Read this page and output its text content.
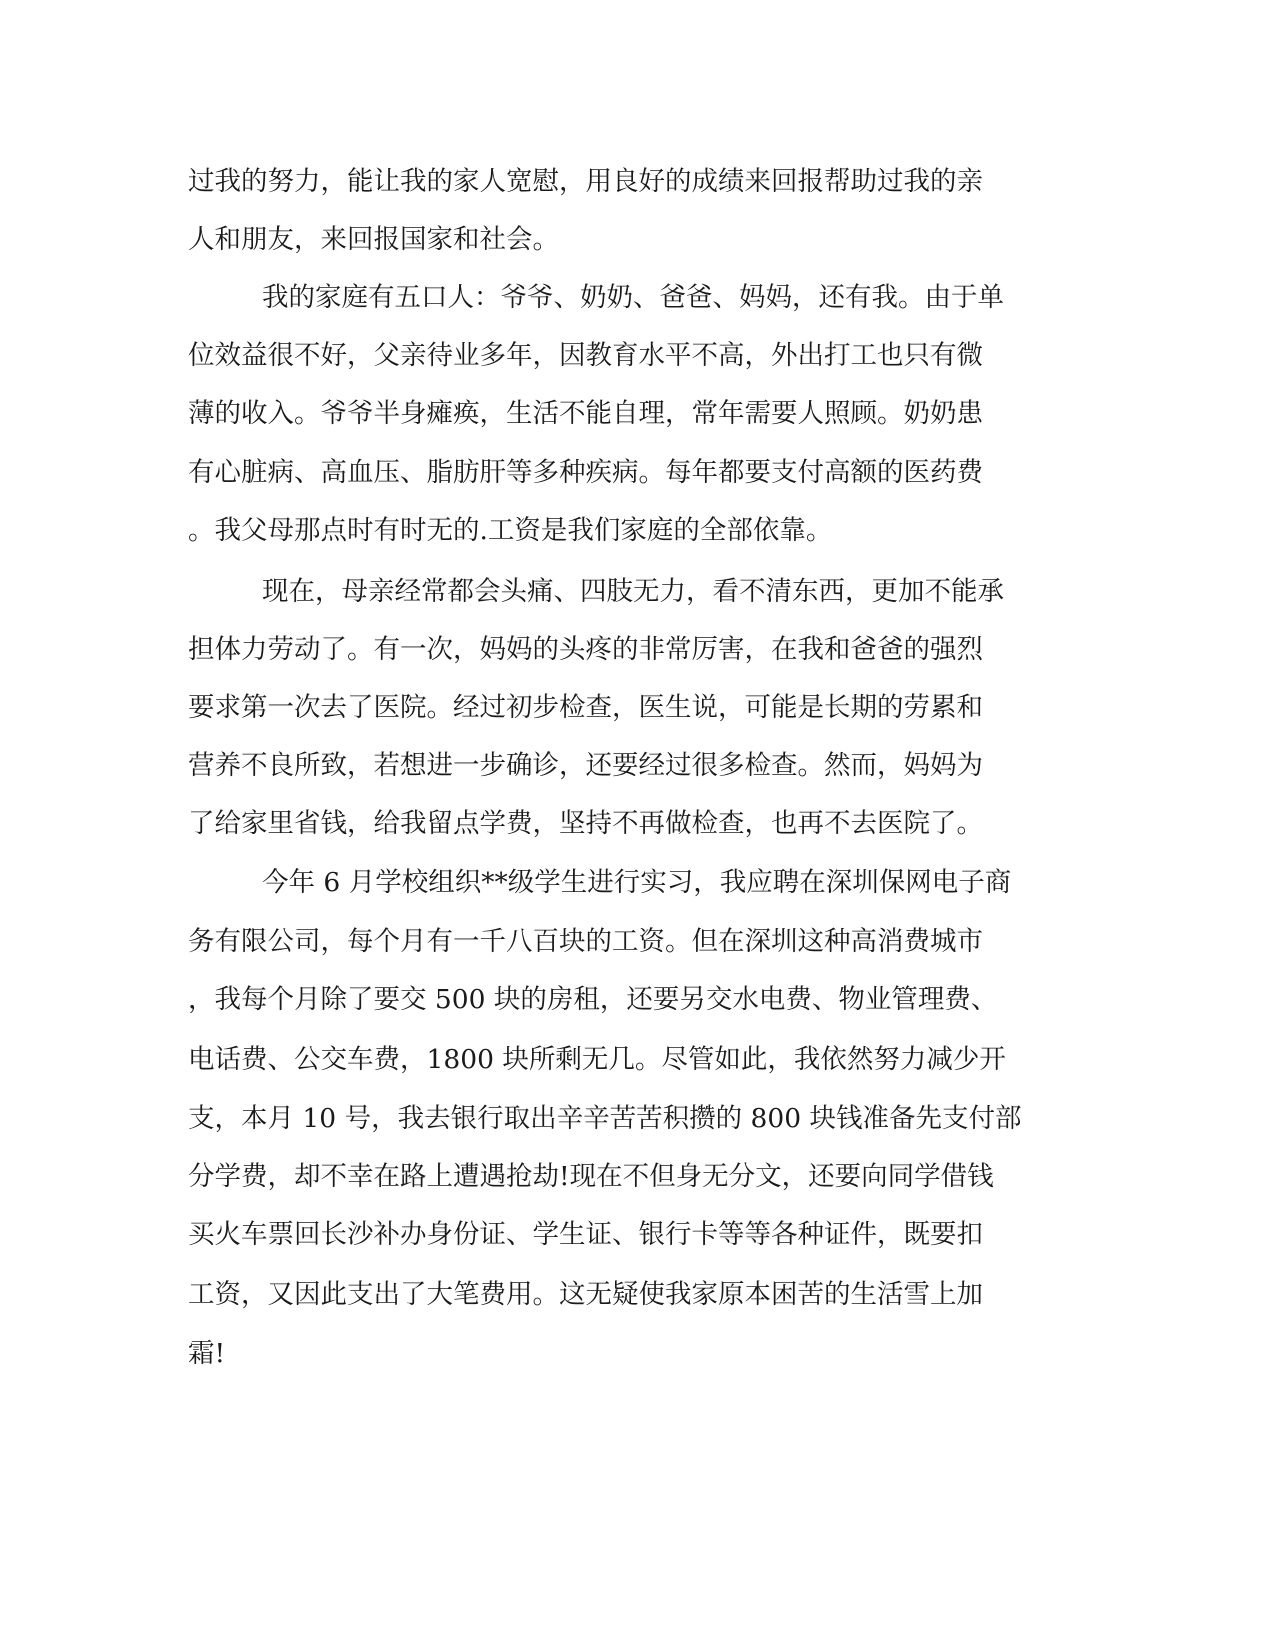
过我的努力，能让我的家人宽慰，用良好的成绩来回报帮助过我的亲

人和朋友，来回报国家和社会。

我的家庭有五口人：爷爷、奶奶、爸爸、妈妈，还有我。由于单

位效益很不好，父亲待业多年，因教育水平不高，外出打工也只有微

薄的收入。爷爷半身瘫痪，生活不能自理，常年需要人照顾。奶奶患

有心脏病、高血压、脂肪肝等多种疾病。每年都要支付高额的医药费

。我父母那点时有时无的.工资是我们家庭的全部依靠。

现在，母亲经常都会头痛、四肢无力，看不清东西，更加不能承

担体力劳动了。有一次，妈妈的头疼的非常厉害，在我和爸爸的强烈

要求第一次去了医院。经过初步检查，医生说，可能是长期的劳累和

营养不良所致，若想进一步确诊，还要经过很多检查。然而，妈妈为

了给家里省钱，给我留点学费，坚持不再做检查，也再不去医院了。

今年 6 月学校组织**级学生进行实习，我应聘在深圳保网电子商

务有限公司，每个月有一千八百块的工资。但在深圳这种高消费城市

，我每个月除了要交 500 块的房租，还要另交水电费、物业管理费、

电话费、公交车费，1800 块所剩无几。尽管如此，我依然努力减少开

支，本月 10 号，我去银行取出辛辛苦苦积攒的 800 块钱准备先支付部

分学费，却不幸在路上遭遇抢劫!现在不但身无分文，还要向同学借钱

买火车票回长沙补办身份证、学生证、银行卡等等各种证件，既要扣

工资，又因此支出了大笔费用。这无疑使我家原本困苦的生活雪上加

霜!
